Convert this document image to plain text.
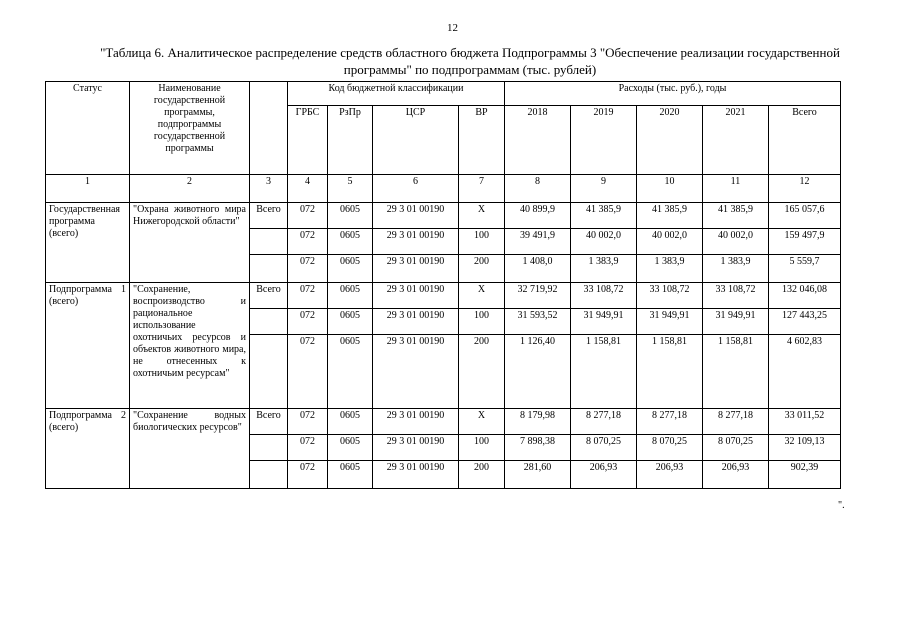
12
"Таблица 6. Аналитическое распределение средств областного бюджета Подпрограммы 3 "Обеспечение реализации государственной программы" по подпрограммам (тыс. рублей)
Статус	Наименование государственной программы, подпрограммы государственной программы		Код бюджетной классификации				Расходы (тыс. руб.), годы				
			ГРБС	РзПр	ЦСР	ВР	2018	2019	2020	2021	Всего
1	2	3	4	5	6	7	8	9	10	11	12
Государственная программа (всего)	"Охрана животного мира Нижегородской области"	Всего	072	0605	29 3 01 00190	Х	40 899,9	41 385,9	41 385,9	41 385,9	165 057,6
			072	0605	29 3 01 00190	100	39 491,9	40 002,0	40 002,0	40 002,0	159 497,9
			072	0605	29 3 01 00190	200	1 408,0	1 383,9	1 383,9	1 383,9	5 559,7
Подпрограмма 1 (всего)	"Сохранение, воспроизводство и рациональное использование охотничьих ресурсов и объектов животного мира, не отнесенных к охотничьим ресурсам"	Всего	072	0605	29 3 01 00190	Х	32 719,92	33 108,72	33 108,72	33 108,72	132 046,08
			072	0605	29 3 01 00190	100	31 593,52	31 949,91	31 949,91	31 949,91	127 443,25
			072	0605	29 3 01 00190	200	1 126,40	1 158,81	1 158,81	1 158,81	4 602,83
Подпрограмма 2 (всего)	"Сохранение водных биологических ресурсов"	Всего	072	0605	29 3 01 00190	Х	8 179,98	8 277,18	8 277,18	8 277,18	33 011,52
			072	0605	29 3 01 00190	100	7 898,38	8 070,25	8 070,25	8 070,25	32 109,13
			072	0605	29 3 01 00190	200	281,60	206,93	206,93	206,93	902,39
".
